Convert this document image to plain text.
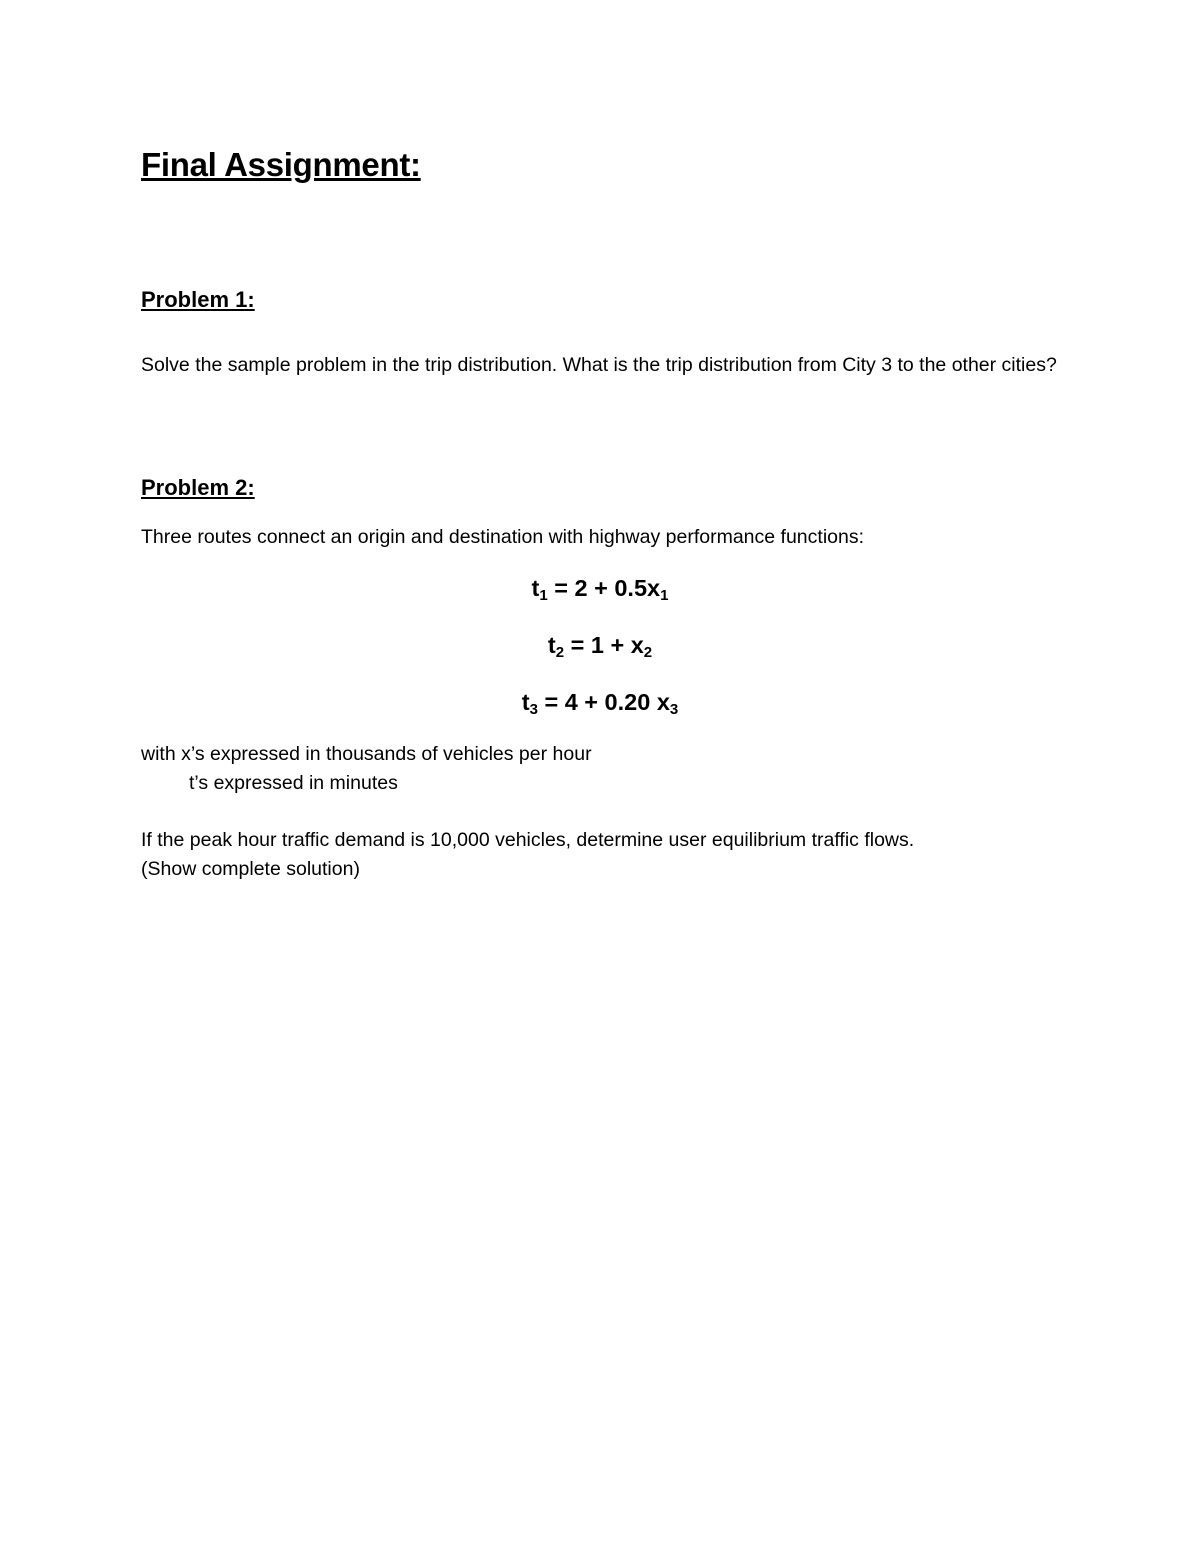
Final Assignment:
Problem 1:
Solve the sample problem in the trip distribution. What is the trip distribution from City 3 to the other cities?
Problem 2:
Three routes connect an origin and destination with highway performance functions:
$t_1 = 2 + 0.5x_1$
$t_2 = 1 + x_2$
$t_3 = 4 + 0.20$ $x_3$
with x’s expressed in thousands of vehicles per hour
t’s expressed in minutes
If the peak hour traffic demand is 10,000 vehicles, determine user equilibrium traffic flows.
(Show complete solution)
